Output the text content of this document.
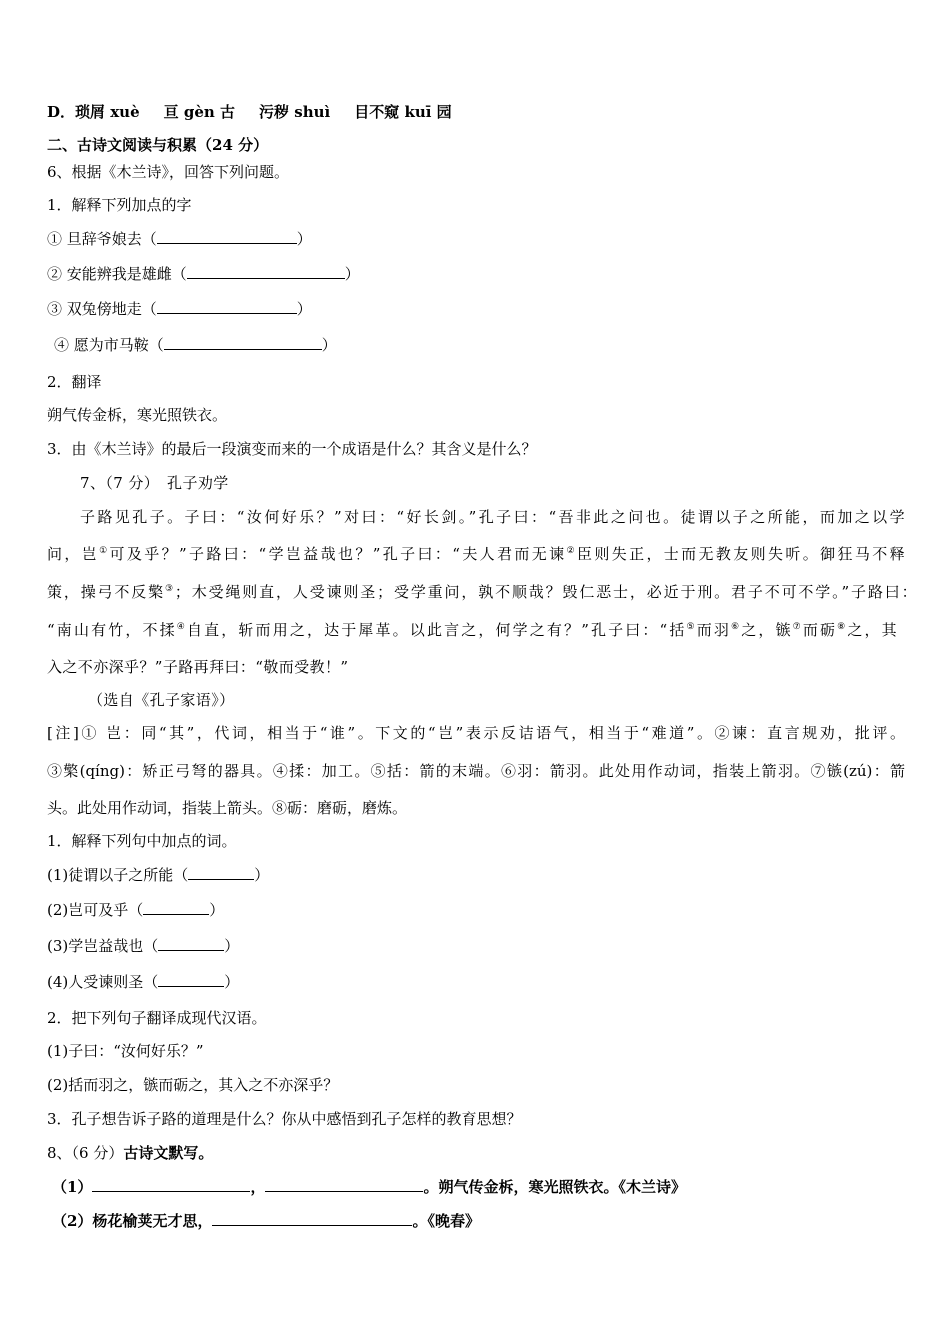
D．琐屑 xuè 亘 gèn 古 污秽 shuì 目不窥 kuī 园
二、古诗文阅读与积累（24 分）
6、根据《木兰诗》，回答下列问题。
1．解释下列加点的字
① 旦辞爷娘去（	）
② 安能辨我是雄雌（	）
③ 双兔傍地走（	）
④ 愿为市马鞍（	）
2．翻译
朔气传金柝，寒光照铁衣。
3．由《木兰诗》的最后一段演变而来的一个成语是什么？其含义是什么？
7、（7 分）　孔子劝学
子路见孔子。子曰：“汝何好乐？”对曰：“好长剑。”孔子曰：“吾非此之问也。徒谓以子之所能，而加之以学
问，岂①可及乎？”子路曰：“学岂益哉也？”孔子曰：“夫人君而无谏②臣则失正，士而无教友则失听。御狂马不释
策，操弓不反檠③；木受绳则直，人受谏则圣；受学重问，孰不顺哉？毁仁恶士，必近于刑。君子不可不学。”子路曰：
“南山有竹，不揉④自直，斩而用之，达于犀革。以此言之，何学之有？”孔子曰：“括⑤而羽⑥之，镞⑦而砺⑧之，其
入之不亦深乎？”子路再拜曰：“敬而受教！”
（选自《孔子家语》）
[注]① 岂：同“其”，代词，相当于“谁”。下文的“岂”表示反诘语气，相当于“难道”。②谏：直言规劝，批评。
③檠(qíng)：矫正弓弩的器具。④揉：加工。⑤括：箭的末端。⑥羽：箭羽。此处用作动词，指装上箭羽。⑦镞(zú)：箭
头。此处用作动词，指装上箭头。⑧砺：磨砺，磨炼。
1．解释下列句中加点的词。
(1)徒谓以子之所能（	）
(2)岂可及乎（	）
(3)学岂益哉也（	）
(4)人受谏则圣（	）
2．把下列句子翻译成现代汉语。
(1)子曰：“汝何好乐？”
(2)括而羽之，镞而砺之，其入之不亦深乎？
3．孔子想告诉子路的道理是什么？你从中感悟到孔子怎样的教育思想？
8、（6 分）古诗文默写。
（1）	，	。朔气传金柝，寒光照铁衣。《木兰诗》
（2）杨花榆荚无才思，	。《晚春》
